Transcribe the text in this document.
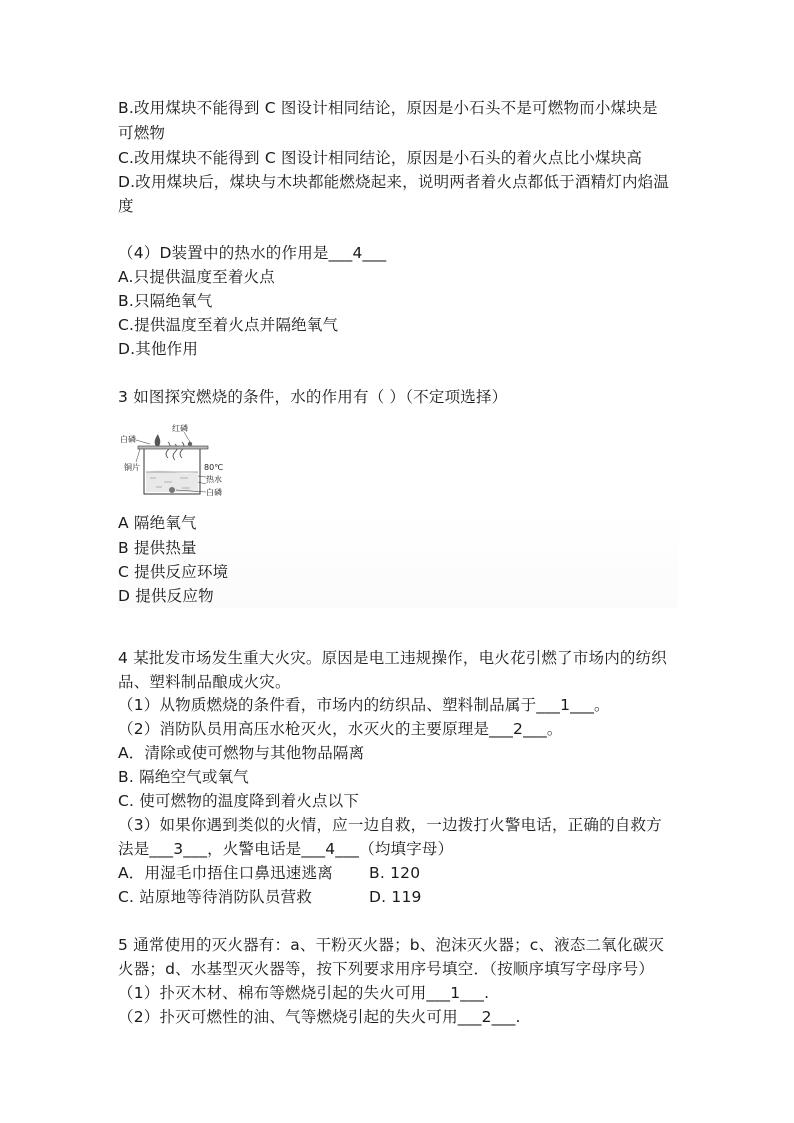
B.改用煤块不能得到 C 图设计相同结论，原因是小石头不是可燃物而小煤块是
可燃物
C.改用煤块不能得到 C 图设计相同结论，原因是小石头的着火点比小煤块高
D.改用煤块后，煤块与木块都能燃烧起来，说明两者着火点都低于酒精灯内焰温
度
（4）D装置中的热水的作用是___4___
A.只提供温度至着火点
B.只隔绝氧气
C.提供温度至着火点并隔绝氧气
D.其他作用
3 如图探究燃烧的条件，水的作用有（ ）（不定项选择）
红磷
白磷
铜片	80℃
热水
白磷
A 隔绝氧气
B 提供热量
C 提供反应环境
D 提供反应物
4 某批发市场发生重大火灾。原因是电工违规操作，电火花引燃了市场内的纺织
品、塑料制品酿成火灾。
（1）从物质燃烧的条件看，市场内的纺织品、塑料制品属于___1___。
（2）消防队员用高压水枪灭火，水灭火的主要原理是___2___。
A．清除或使可燃物与其他物品隔离
B. 隔绝空气或氧气
C. 使可燃物的温度降到着火点以下
（3）如果你遇到类似的火情，应一边自救，一边拨打火警电话，正确的自救方
法是___3___，火警电话是___4___（均填字母）
A．用湿毛巾捂住口鼻迅速逃离 B. 120
C. 站原地等待消防队员营救	D. 119
5 通常使用的灭火器有：a、干粉灭火器；b、泡沫灭火器；c、液态二氧化碳灭
火器；d、水基型灭火器等，按下列要求用序号填空．（按顺序填写字母序号）
（1）扑灭木材、棉布等燃烧引起的失火可用___1___.
（2）扑灭可燃性的油、气等燃烧引起的失火可用___2___.
